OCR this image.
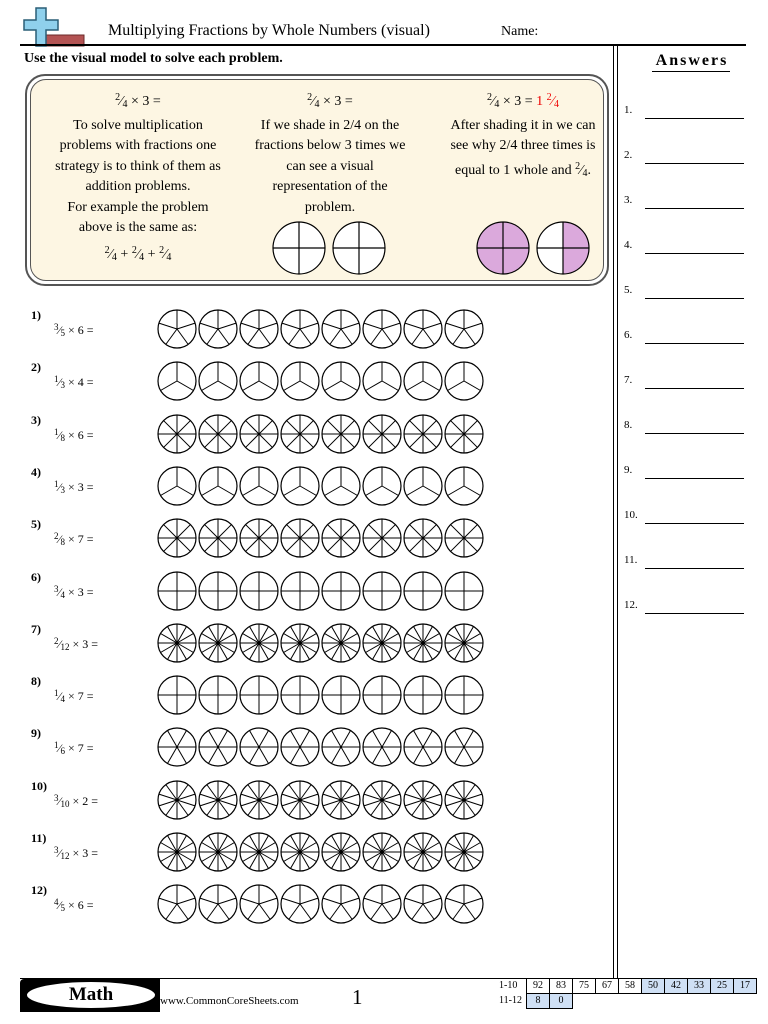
Multiplying Fractions by Whole Numbers (visual)	Name:
Use the visual model to solve each problem.	Answers
1.
2.
3.
4.
5.
6.
7.
8.
9.
10.
11.
12.
$^2⁄_4 \times 3$ =
To solve multiplication
problems with fractions one
strategy is to think of them as
addition problems.
For example the problem
above is the same as:
$^2⁄_4$ + $^2⁄_4$ + $^2⁄_4$
$^2⁄_4 \times 3$ =
If we shade in 2/4 on the
fractions below 3 times we
can see a visual
representation of the
problem.
$^2⁄_4 \times 3 = 1$ $^2⁄_4$
After shading it in we can
see why 2/4 three times is
equal to 1 whole and $^2⁄_4$.
1)
$^3⁄_5 \times 6$ =
2)
$^1⁄_3 \times 4$ =
3)
$^1⁄_8 \times 6$ =
4)
$^1⁄_3 \times 3$ =
5)
$^2⁄_8 \times 7$ =
6)
$^3⁄_4 \times 3$ =
7)
$^2⁄_{12} \times 3$ =
8)
$^1⁄_4 \times 7$ =
9)
$^1⁄_6 \times 7$ =
10)
$^3⁄_{10} \times 2$ =
11)
$^3⁄_{12} \times 3$ =
12)
$^4⁄_5 \times 6$ =
Math	www.CommonCoreSheets.com	1	1-10	92	83	75	67	58	50	42	33	25	17
11-12	8	0								
